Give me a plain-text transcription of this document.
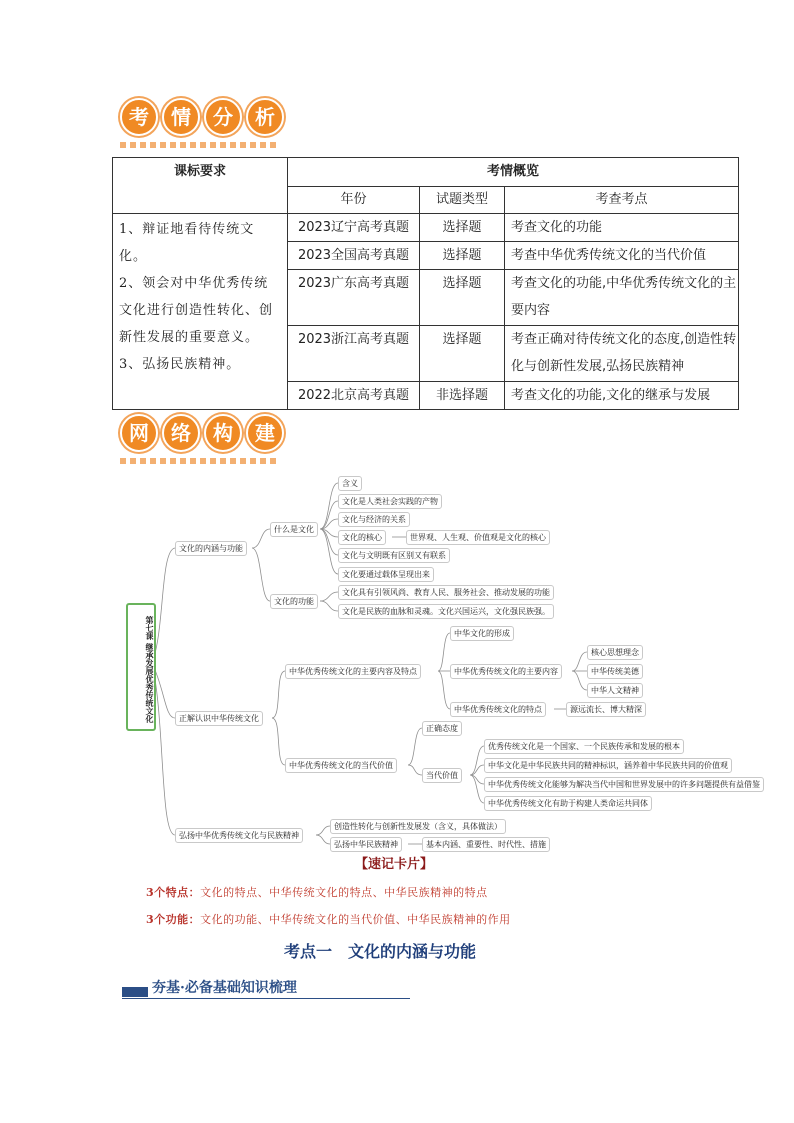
考	情	分	析
课标要求	考情概览		
	年份	试题类型	考查考点

1、辩证地看待传统文化。
2、领会对中华优秀传统文化进行创造性转化、创新性发展的重要意义。
3、弘扬民族精神。	2023辽宁高考真题	选择题	考查文化的功能
	2023全国高考真题	选择题	考查中华优秀传统文化的当代价值
	2023广东高考真题	选择题	考查文化的功能,中华优秀传统文化的主要内容
	2023浙江高考真题	选择题	考查正确对待传统文化的态度,创造性转化与创新性发展,弘扬民族精神
	2022北京高考真题	非选择题	考查文化的功能,文化的继承与发展
网	络	构	建
第七课 继承发展优秀传统文化
文化的内涵与功能
什么是文化
含义
文化是人类社会实践的产物
文化与经济的关系
文化的核心	世界观、人生观、价值观是文化的核心
文化与文明既有区别又有联系
文化要通过载体呈现出来
文化的功能
文化具有引领风尚、教育人民、服务社会、推动发展的功能
文化是民族的血脉和灵魂。文化兴国运兴，文化强民族强。
正解认识中华传统文化
中华优秀传统文化的主要内容及特点
中华文化的形成
中华优秀传统文化的主要内容
中华优秀传统文化的特点
核心思想理念
中华传统美德
中华人文精神
源远流长、博大精深
中华优秀传统文化的当代价值
正确态度
当代价值
优秀传统文化是一个国家、一个民族传承和发展的根本
中华文化是中华民族共同的精神标识，涵养着中华民族共同的价值观
中华优秀传统文化能够为解决当代中国和世界发展中的许多问题提供有益借鉴
中华优秀传统文化有助于构建人类命运共同体
弘扬中华优秀传统文化与民族精神
创造性转化与创新性发展发（含义，具体做法）
弘扬中华民族精神	基本内涵、重要性、时代性、措施
【速记卡片】
3个特点：文化的特点、中华传统文化的特点、中华民族精神的特点
3个功能：文化的功能、中华传统文化的当代价值、中华民族精神的作用
考点一　文化的内涵与功能
夯基·必备基础知识梳理
